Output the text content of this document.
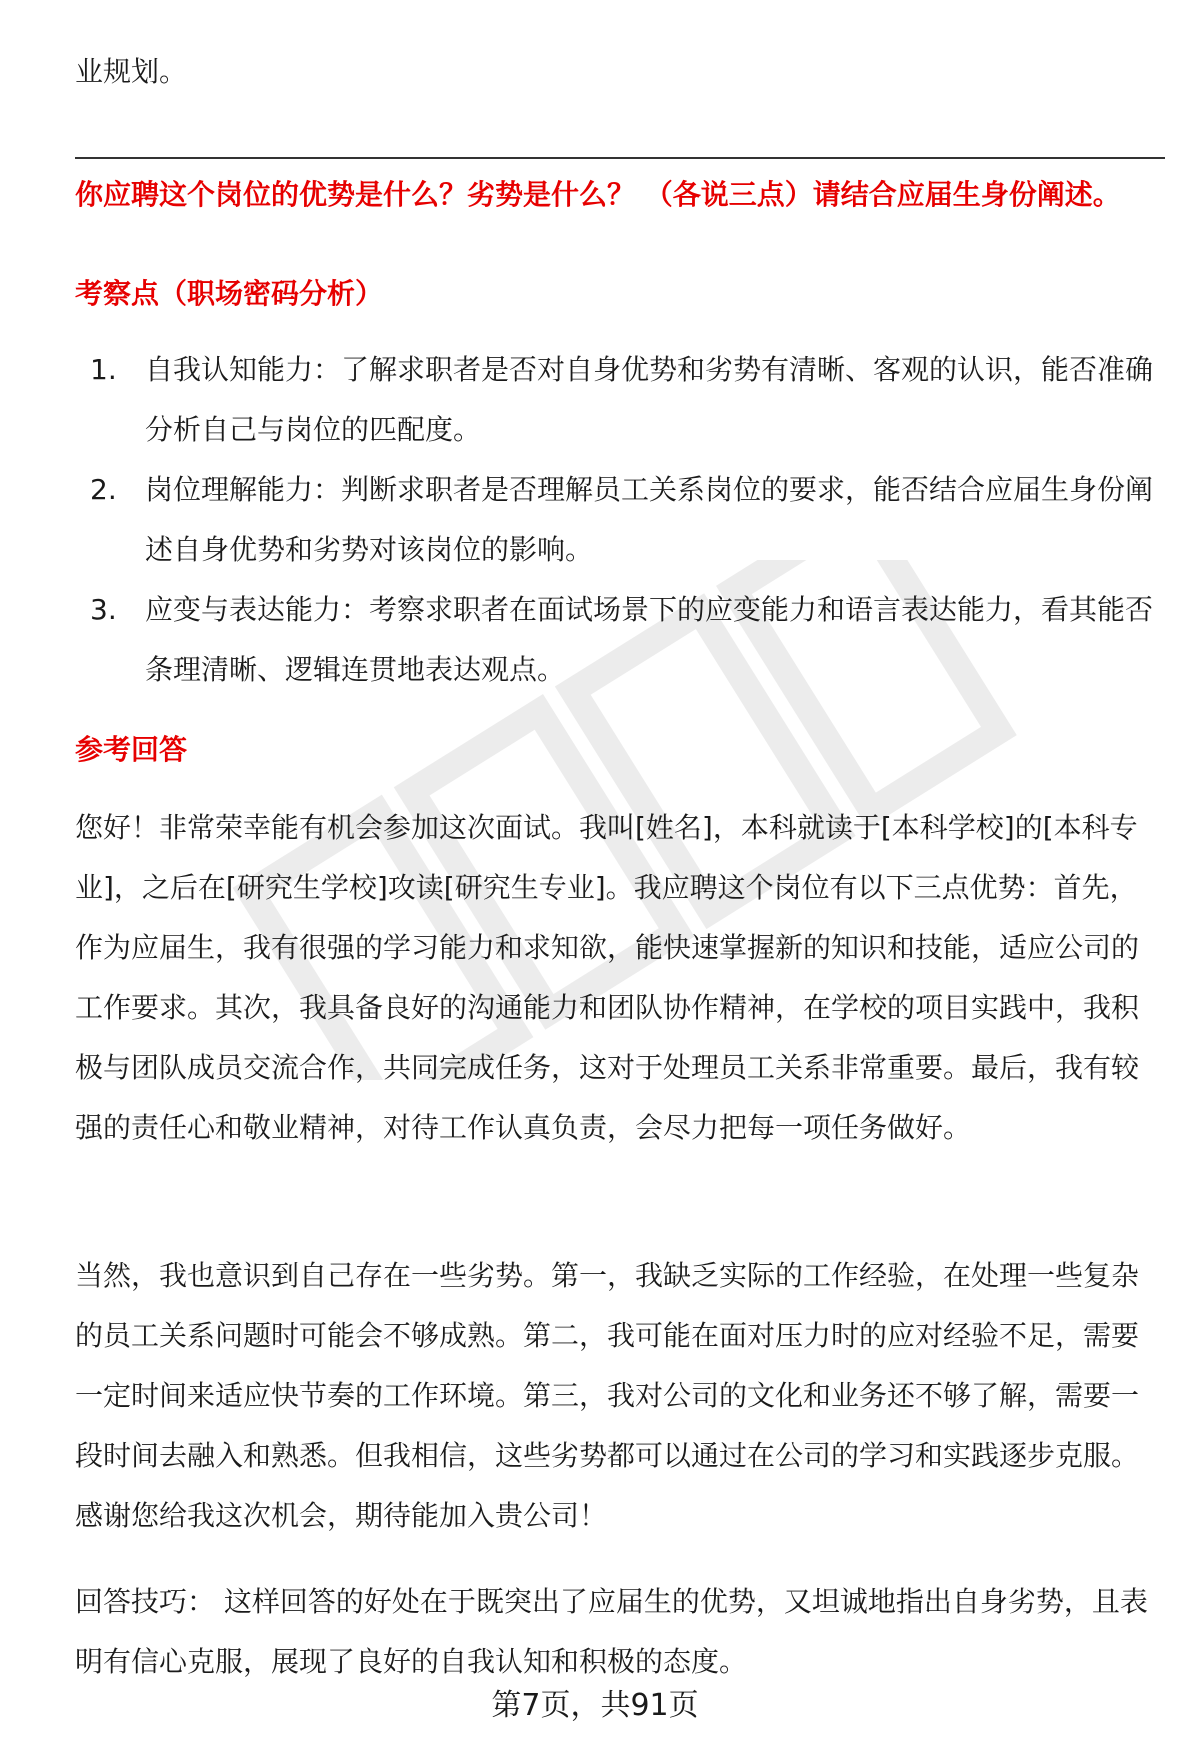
业规划。
你应聘这个岗位的优势是什么？劣势是什么？ （各说三点）请结合应届生身份阐述。
考察点（职场密码分析）
1.	自我认知能力：了解求职者是否对自身优势和劣势有清晰、客观的认识，能否准确分析自己与岗位的匹配度。
2.	岗位理解能力：判断求职者是否理解员工关系岗位的要求，能否结合应届生身份阐述自身优势和劣势对该岗位的影响。
3.	应变与表达能力：考察求职者在面试场景下的应变能力和语言表达能力，看其能否条理清晰、逻辑连贯地表达观点。
参考回答
您好！非常荣幸能有机会参加这次面试。我叫[姓名]，本科就读于[本科学校]的[本科专业]，之后在[研究生学校]攻读[研究生专业]。我应聘这个岗位有以下三点优势：首先，作为应届生，我有很强的学习能力和求知欲，能快速掌握新的知识和技能，适应公司的工作要求。其次，我具备良好的沟通能力和团队协作精神，在学校的项目实践中，我积极与团队成员交流合作，共同完成任务，这对于处理员工关系非常重要。最后，我有较强的责任心和敬业精神，对待工作认真负责，会尽力把每一项任务做好。
当然，我也意识到自己存在一些劣势。第一，我缺乏实际的工作经验，在处理一些复杂的员工关系问题时可能会不够成熟。第二，我可能在面对压力时的应对经验不足，需要一定时间来适应快节奏的工作环境。第三，我对公司的文化和业务还不够了解，需要一段时间去融入和熟悉。但我相信，这些劣势都可以通过在公司的学习和实践逐步克服。感谢您给我这次机会，期待能加入贵公司！
回答技巧： 这样回答的好处在于既突出了应届生的优势，又坦诚地指出自身劣势，且表明有信心克服，展现了良好的自我认知和积极的态度。
第7页，共91页
